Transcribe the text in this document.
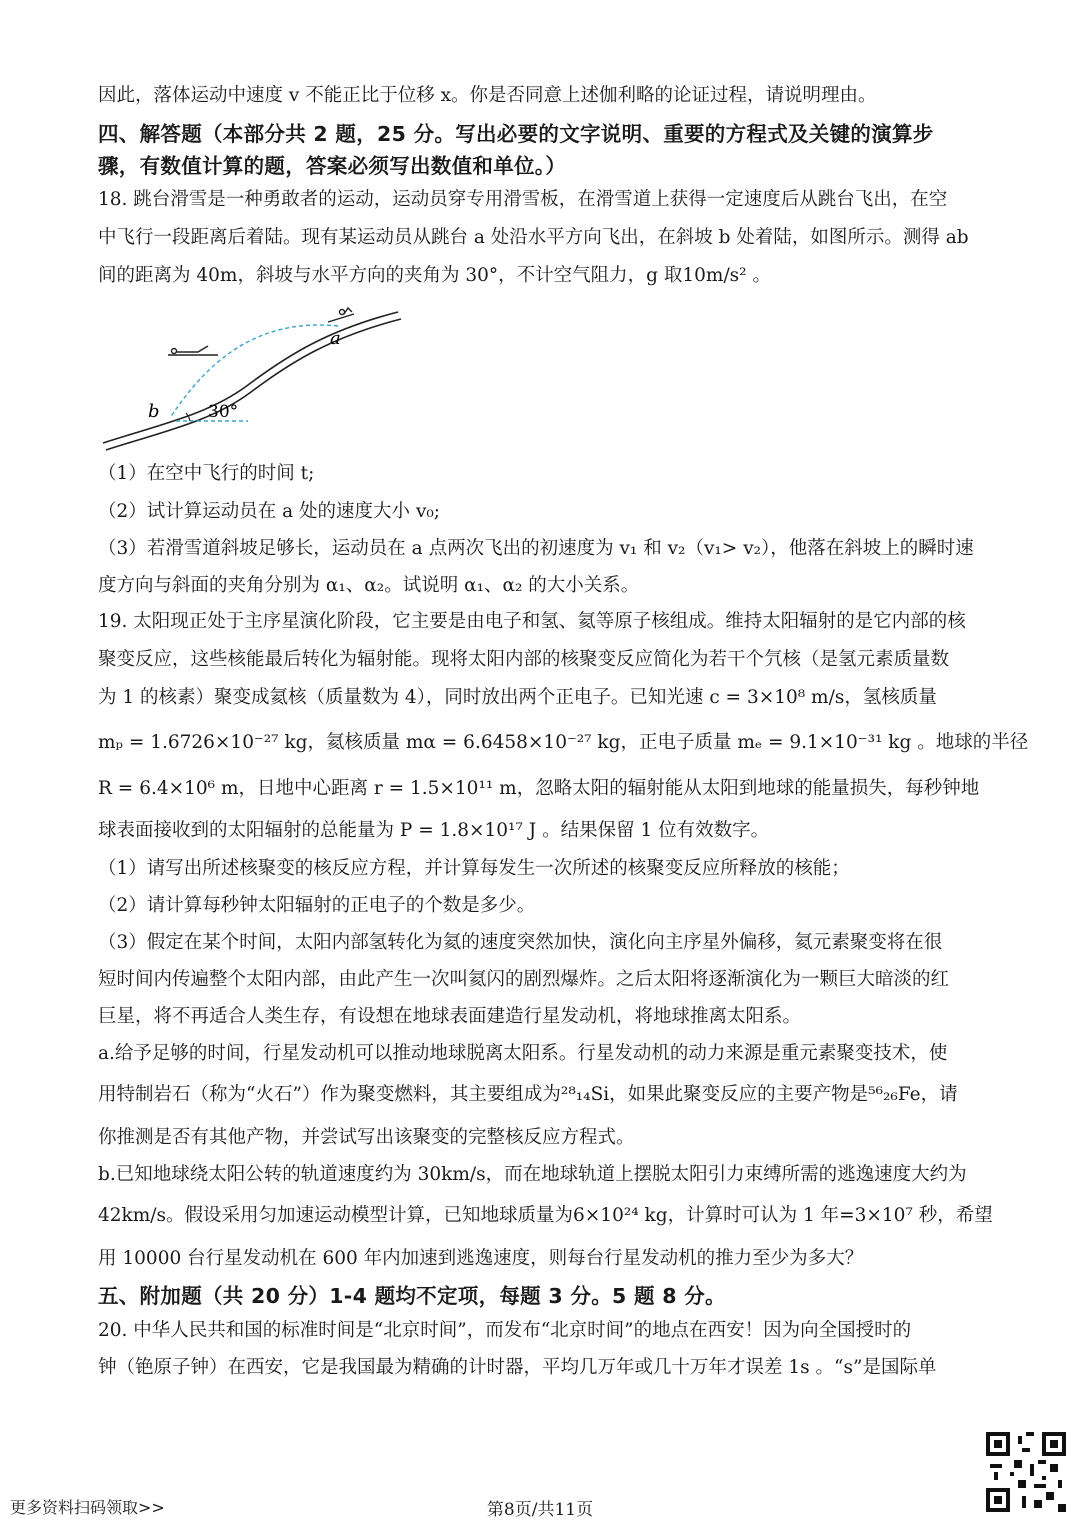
因此，落体运动中速度 v 不能正比于位移 x。你是否同意上述伽利略的论证过程，请说明理由。
四、解答题（本部分共 2 题，25 分。写出必要的文字说明、重要的方程式及关键的演算步
骤，有数值计算的题，答案必须写出数值和单位。）
18. 跳台滑雪是一种勇敢者的运动，运动员穿专用滑雪板，在滑雪道上获得一定速度后从跳台飞出，在空
中飞行一段距离后着陆。现有某运动员从跳台 a 处沿水平方向飞出，在斜坡 b 处着陆，如图所示。测得 ab
间的距离为 40m，斜坡与水平方向的夹角为 30°，不计空气阻力，g 取10m/s² 。
a
b	30°
（1）在空中飞行的时间 t;
（2）试计算运动员在 a 处的速度大小 v₀;
（3）若滑雪道斜坡足够长，运动员在 a 点两次飞出的初速度为 v₁ 和 v₂（v₁> v₂），他落在斜坡上的瞬时速
度方向与斜面的夹角分别为 α₁、α₂。试说明 α₁、α₂ 的大小关系。
19. 太阳现正处于主序星演化阶段，它主要是由电子和氢、氦等原子核组成。维持太阳辐射的是它内部的核
聚变反应，这些核能最后转化为辐射能。现将太阳内部的核聚变反应简化为若干个氕核（是氢元素质量数
为 1 的核素）聚变成氦核（质量数为 4），同时放出两个正电子。已知光速 c = 3×10⁸ m/s，氢核质量
mₚ = 1.6726×10⁻²⁷ kg，氦核质量 mα = 6.6458×10⁻²⁷ kg，正电子质量 mₑ = 9.1×10⁻³¹ kg 。地球的半径
R = 6.4×10⁶ m，日地中心距离 r = 1.5×10¹¹ m，忽略太阳的辐射能从太阳到地球的能量损失，每秒钟地
球表面接收到的太阳辐射的总能量为 P = 1.8×10¹⁷ J 。结果保留 1 位有效数字。
（1）请写出所述核聚变的核反应方程，并计算每发生一次所述的核聚变反应所释放的核能；
（2）请计算每秒钟太阳辐射的正电子的个数是多少。
（3）假定在某个时间，太阳内部氢转化为氦的速度突然加快，演化向主序星外偏移，氦元素聚变将在很
短时间内传遍整个太阳内部，由此产生一次叫氦闪的剧烈爆炸。之后太阳将逐渐演化为一颗巨大暗淡的红
巨星，将不再适合人类生存，有设想在地球表面建造行星发动机，将地球推离太阳系。
a.给予足够的时间，行星发动机可以推动地球脱离太阳系。行星发动机的动力来源是重元素聚变技术，使
用特制岩石（称为“火石”）作为聚变燃料，其主要组成为²⁸₁₄Si，如果此聚变反应的主要产物是⁵⁶₂₆Fe，请
你推测是否有其他产物，并尝试写出该聚变的完整核反应方程式。
b.已知地球绕太阳公转的轨道速度约为 30km/s，而在地球轨道上摆脱太阳引力束缚所需的逃逸速度大约为
42km/s。假设采用匀加速运动模型计算，已知地球质量为6×10²⁴ kg，计算时可认为 1 年=3×10⁷ 秒，希望
用 10000 台行星发动机在 600 年内加速到逃逸速度，则每台行星发动机的推力至少为多大？
五、附加题（共 20 分）1-4 题均不定项，每题 3 分。5 题 8 分。
20. 中华人民共和国的标准时间是“北京时间”，而发布“北京时间”的地点在西安！因为向全国授时的
钟（铯原子钟）在西安，它是我国最为精确的计时器，平均几万年或几十万年才误差 1s 。“s”是国际单
更多资料扫码领取>>	第8页/共11页
